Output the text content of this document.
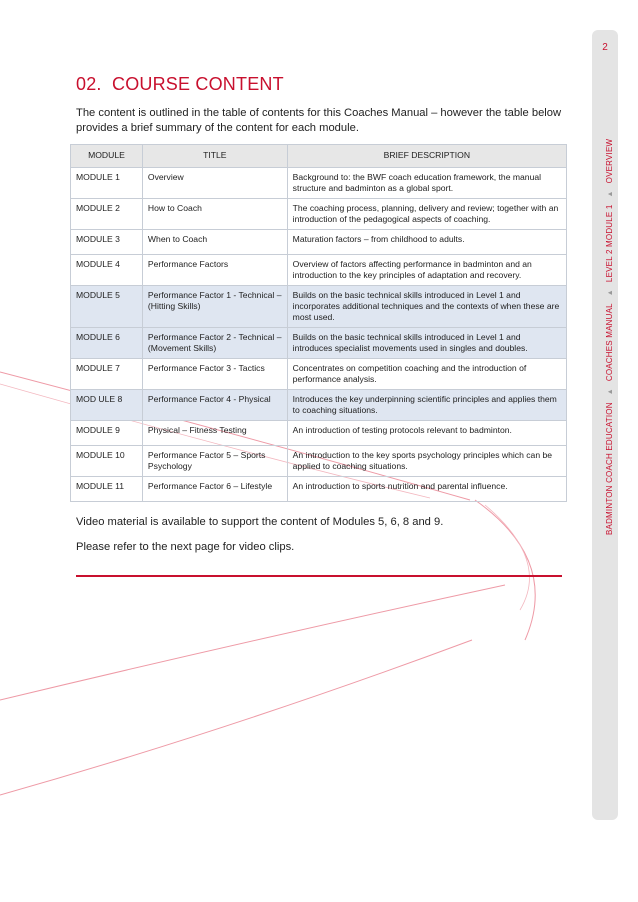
2
BADMINTON COACH EDUCATION▲COACHES MANUAL▲LEVEL 2 MODULE 1▲OVERVIEW
02. COURSE CONTENT

The content is outlined in the table of contents for this Coaches Manual – however the table below provides a brief summary of the content for each module.

MODULE	TITLE	BRIEF DESCRIPTION
MODULE 1	Overview	Background to: the BWF coach education framework, the manual structure and badminton as a global sport.
MODULE 2	How to Coach	The coaching process, planning, delivery and review; together with an introduction of the pedagogical aspects of coaching.
MODULE 3	When to Coach	Maturation factors – from childhood to adults.
MODULE 4	Performance Factors	Overview of factors affecting performance in badminton and an introduction to the key principles of adaptation and recovery.
MODULE 5	Performance Factor 1 - Technical – (Hitting Skills)	Builds on the basic technical skills introduced in Level 1 and incorporates additional techniques and the contexts of when these are most used.
MODULE 6	Performance Factor 2 - Technical – (Movement Skills)	Builds on the basic technical skills introduced in Level 1 and introduces specialist movements used in singles and doubles.
MODULE 7	Performance Factor 3 - Tactics	Concentrates on competition coaching and the introduction of performance analysis.
MOD ULE 8	Performance Factor 4 - Physical	Introduces the key underpinning scientific principles and applies them to coaching situations.
MODULE 9	Physical – Fitness Testing	An introduction of testing protocols relevant to badminton.
MODULE 10	Performance Factor 5 – Sports Psychology	An introduction to the key sports psychology principles which can be applied to coaching situations.
MODULE 11	Performance Factor 6 – Lifestyle	An introduction to sports nutrition and parental influence.

Video material is available to support the content of Modules 5, 6, 8 and 9.

Please refer to the next page for video clips.
